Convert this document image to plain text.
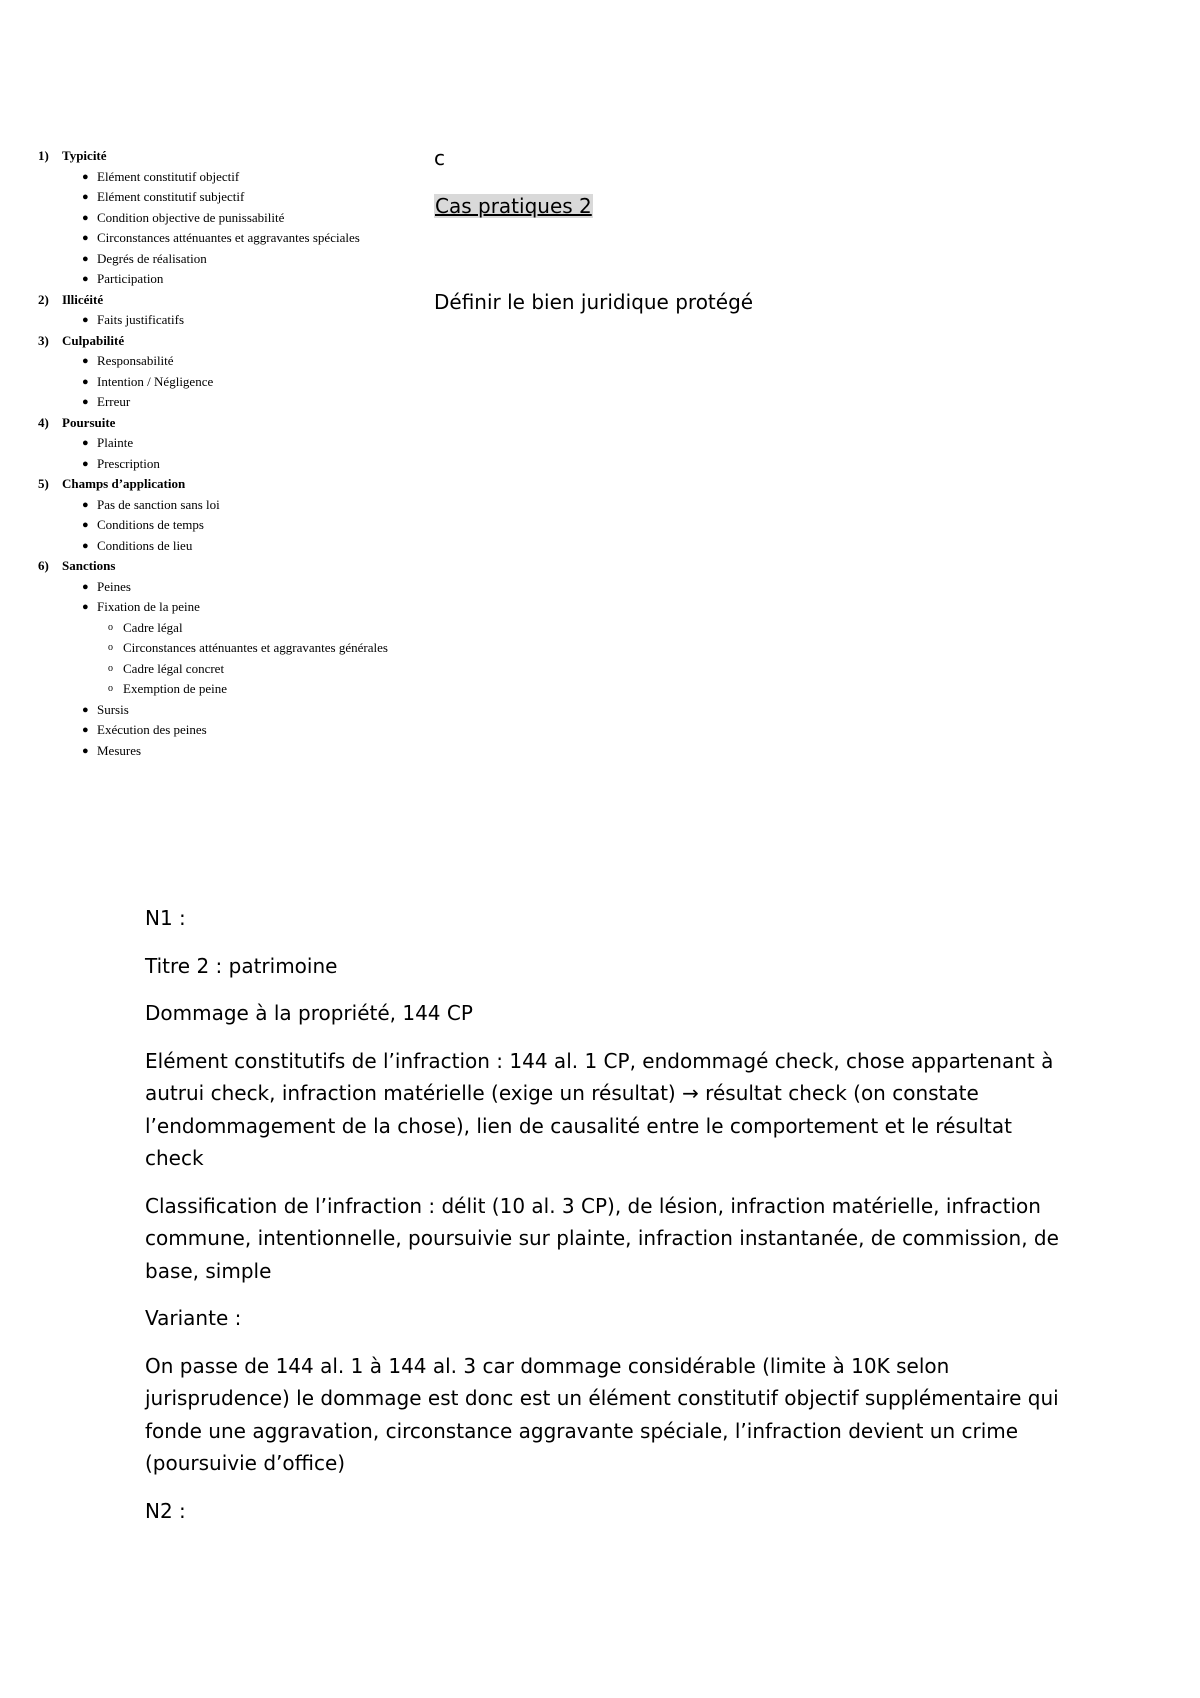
1)	Typicité
● Elément constitutif objectif
● Elément constitutif subjectif
● Condition objective de punissabilité
● Circonstances atténuantes et aggravantes spéciales
● Degrés de réalisation
● Participation
2)	Illicéité
● Faits justificatifs
3)	Culpabilité
● Responsabilité
● Intention / Négligence
● Erreur
4)	Poursuite
● Plainte
● Prescription
5)	Champs d’application
● Pas de sanction sans loi
● Conditions de temps
● Conditions de lieu
6)	Sanctions
● Peines
● Fixation de la peine
o Cadre légal
o Circonstances atténuantes et aggravantes générales
o Cadre légal concret
o Exemption de peine
● Sursis
● Exécution des peines
● Mesures
c
Cas pratiques 2
Définir le bien juridique protégé

N1 :

Titre 2 : patrimoine

Dommage à la propriété, 144 CP

Elément constitutifs de l’infraction : 144 al. 1 CP, endommagé check, chose appartenant à autrui check, infraction matérielle (exige un résultat) → résultat check (on constate l’endommagement de la chose), lien de causalité entre le comportement et le résultat check

Classification de l’infraction : délit (10 al. 3 CP), de lésion, infraction matérielle, infraction commune, intentionnelle, poursuivie sur plainte, infraction instantanée, de commission, de base, simple

Variante :

On passe de 144 al. 1 à 144 al. 3 car dommage considérable (limite à 10K selon jurisprudence) le dommage est donc est un élément constitutif objectif supplémentaire qui fonde une aggravation, circonstance aggravante spéciale, l’infraction devient un crime (poursuivie d’office)

N2 :
